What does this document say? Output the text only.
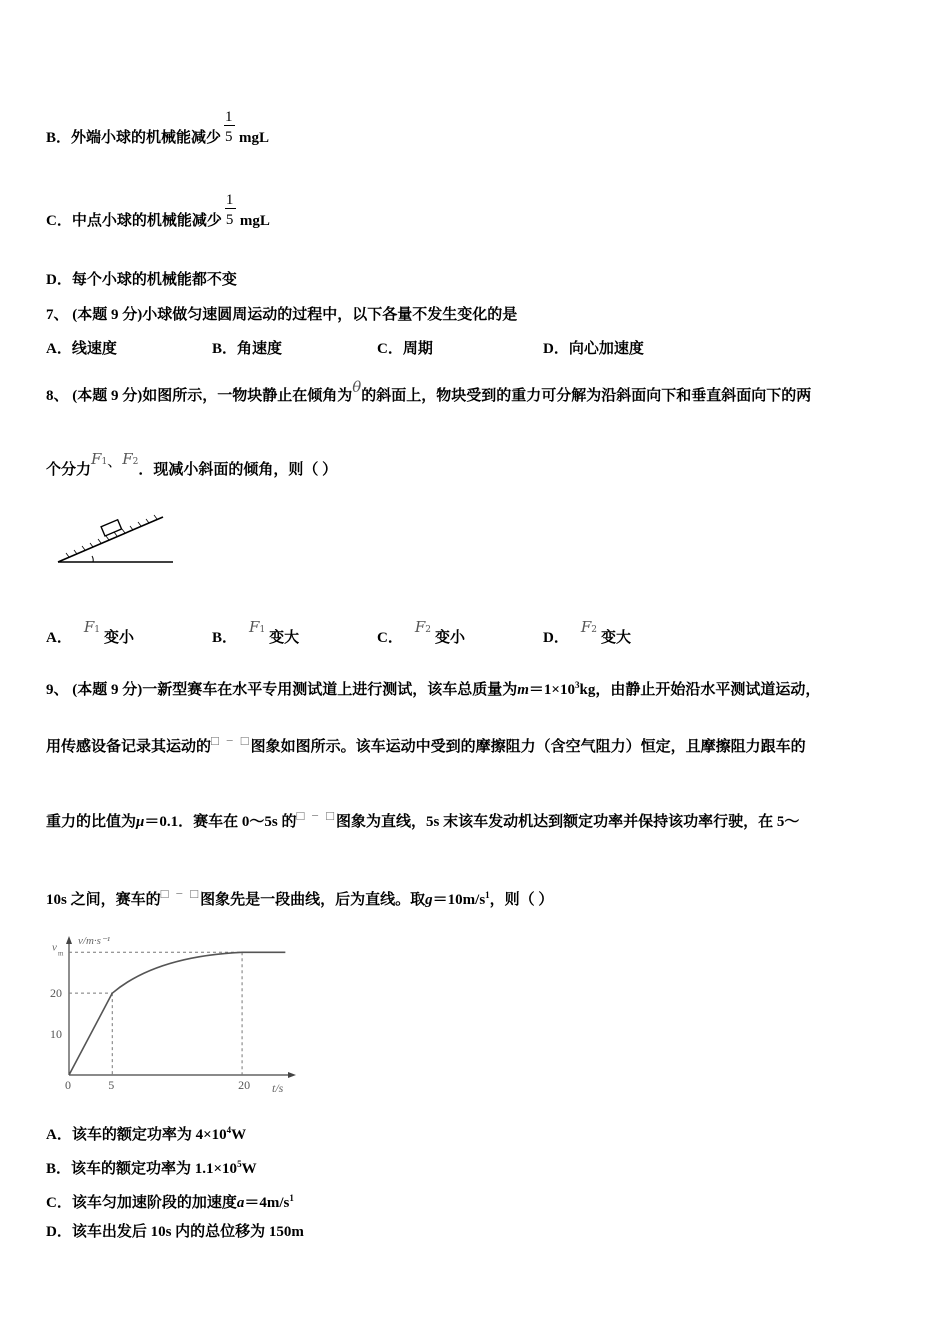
B．外端小球的机械能减少 $\frac{1}{5}$ mgL
C．中点小球的机械能减少 $\frac{1}{5}$ mgL
D．每个小球的机械能都不变
7、 (本题 9 分)小球做匀速圆周运动的过程中，以下各量不发生变化的是
A．线速度	B．角速度	C．周期	D．向心加速度
8、 (本题 9 分)如图所示，一物块静止在倾角为θ的斜面上，物块受到的重力可分解为沿斜面向下和垂直斜面向下的两
个分力F1、F2．现减小斜面的倾角，则（ ）
A．F1 变小	B．F1 变大	C．F2 变小	D．F2 变大
9、 (本题 9 分)一新型赛车在水平专用测试道上进行测试，该车总质量为$m=1\times 10^3kg$，由静止开始沿水平测试道运动，
用传感设备记录其运动的□ − □图象如图所示。该车运动中受到的摩擦阻力（含空气阻力）恒定，且摩擦阻力跟车的
重力的比值为μ＝0.1．赛车在 0～5s 的□ − □图象为直线，5s 末该车发动机达到额定功率并保持该功率行驶，在 5～
10s 之间，赛车的□ − □图象先是一段曲线，后为直线。取$g=10m/s^1$，则（ ）
v/m·s⁻¹
t/s
v m
20
10
0	5	20
A．该车的额定功率为 $4\times 10^4W$
B．该车的额定功率为 $1.1\times 10^5W$
C．该车匀加速阶段的加速度$a=4m/s^1$
D．该车出发后 10s 内的总位移为 150m
